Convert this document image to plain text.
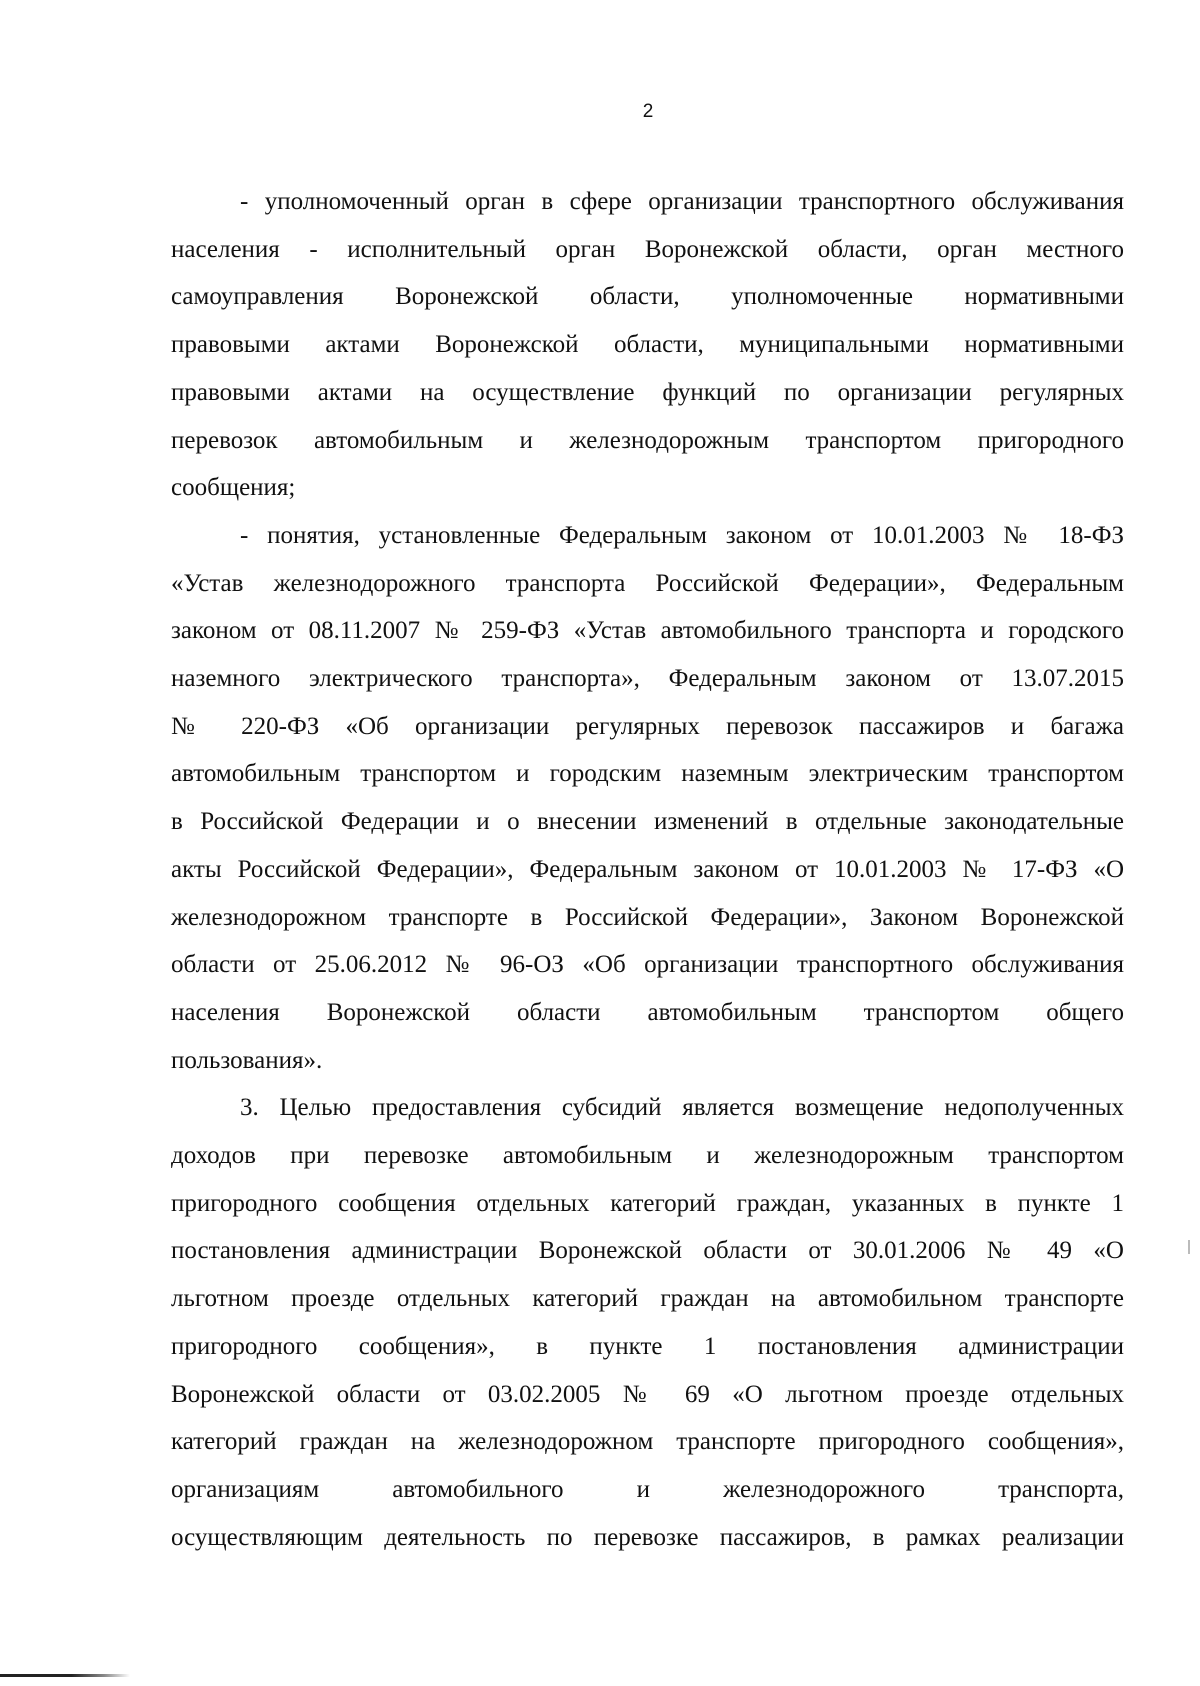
2
- уполномоченный орган в сфере организации транспортного обслуживания
населения - исполнительный орган Воронежской области, орган местного
самоуправления Воронежской области, уполномоченные нормативными
правовыми актами Воронежской области, муниципальными нормативными
правовыми актами на осуществление функций по организации регулярных
перевозок автомобильным и железнодорожным транспортом пригородного
сообщения;
- понятия, установленные Федеральным законом от 10.01.2003 № 18-ФЗ
«Устав железнодорожного транспорта Российской Федерации», Федеральным
законом от 08.11.2007 № 259-ФЗ «Устав автомобильного транспорта и городского
наземного электрического транспорта», Федеральным законом от 13.07.2015
№ 220-ФЗ «Об организации регулярных перевозок пассажиров и багажа
автомобильным транспортом и городским наземным электрическим транспортом
в Российской Федерации и о внесении изменений в отдельные законодательные
акты Российской Федерации», Федеральным законом от 10.01.2003 № 17-ФЗ «О
железнодорожном транспорте в Российской Федерации», Законом Воронежской
области от 25.06.2012 № 96-ОЗ «Об организации транспортного обслуживания
населения Воронежской области автомобильным транспортом общего
пользования».
3. Целью предоставления субсидий является возмещение недополученных
доходов при перевозке автомобильным и железнодорожным транспортом
пригородного сообщения отдельных категорий граждан, указанных в пункте 1
постановления администрации Воронежской области от 30.01.2006 № 49 «О
льготном проезде отдельных категорий граждан на автомобильном транспорте
пригородного сообщения», в пункте 1 постановления администрации
Воронежской области от 03.02.2005 № 69 «О льготном проезде отдельных
категорий граждан на железнодорожном транспорте пригородного сообщения»,
организациям автомобильного и железнодорожного транспорта,
осуществляющим деятельность по перевозке пассажиров, в рамках реализации
